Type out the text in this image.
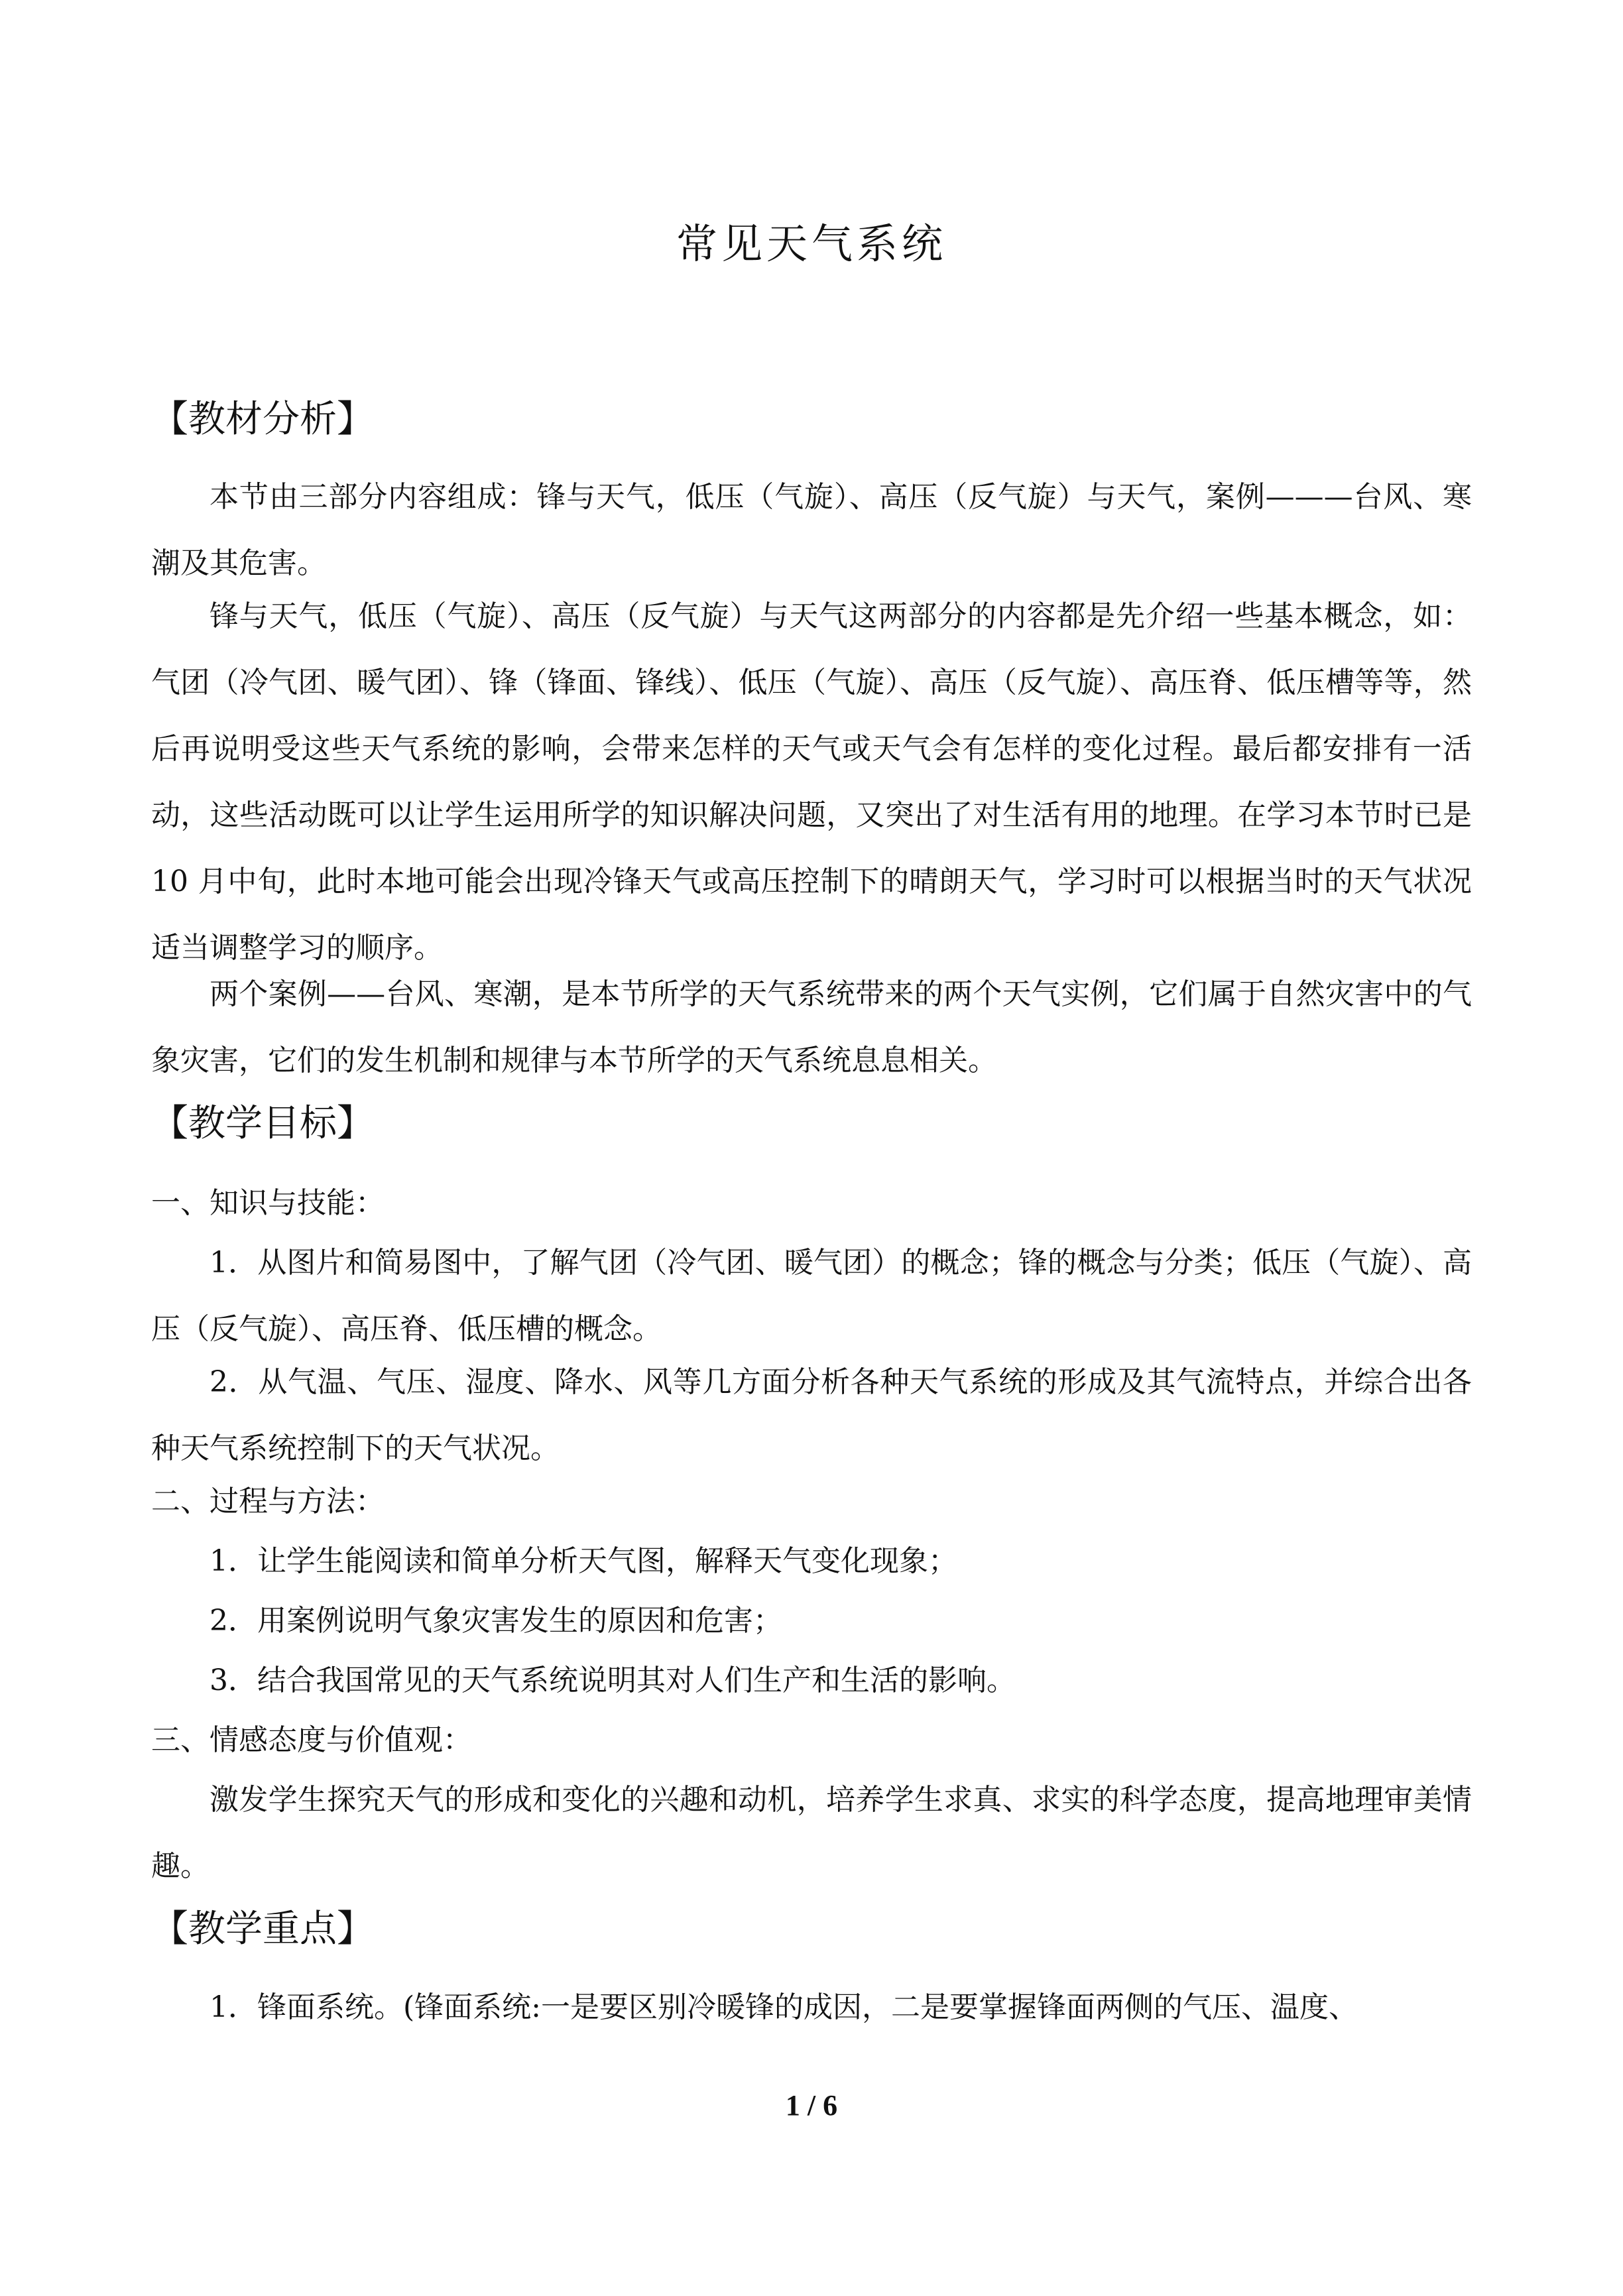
常见天气系统
【教材分析】

本节由三部分内容组成：锋与天气，低压（气旋）、高压（反气旋）与天气，案例———台风、寒潮及其危害。

锋与天气，低压（气旋）、高压（反气旋）与天气这两部分的内容都是先介绍一些基本概念，如：气团（冷气团、暖气团）、锋（锋面、锋线）、低压（气旋）、高压（反气旋）、高压脊、低压槽等等，然后再说明受这些天气系统的影响，会带来怎样的天气或天气会有怎样的变化过程。最后都安排有一活动，这些活动既可以让学生运用所学的知识解决问题，又突出了对生活有用的地理。在学习本节时已是 10 月中旬，此时本地可能会出现冷锋天气或高压控制下的晴朗天气，学习时可以根据当时的天气状况适当调整学习的顺序。

两个案例——台风、寒潮，是本节所学的天气系统带来的两个天气实例，它们属于自然灾害中的气象灾害，它们的发生机制和规律与本节所学的天气系统息息相关。

【教学目标】

一、知识与技能：

1．从图片和简易图中，了解气团（冷气团、暖气团）的概念；锋的概念与分类；低压（气旋）、高压（反气旋）、高压脊、低压槽的概念。

2．从气温、气压、湿度、降水、风等几方面分析各种天气系统的形成及其气流特点，并综合出各种天气系统控制下的天气状况。

二、过程与方法：

1．让学生能阅读和简单分析天气图，解释天气变化现象；

2．用案例说明气象灾害发生的原因和危害；

3．结合我国常见的天气系统说明其对人们生产和生活的影响。

三、情感态度与价值观：

激发学生探究天气的形成和变化的兴趣和动机，培养学生求真、求实的科学态度，提高地理审美情趣。

【教学重点】

1．锋面系统。(锋面系统:一是要区别冷暖锋的成因，二是要掌握锋面两侧的气压、温度、

1 / 6
